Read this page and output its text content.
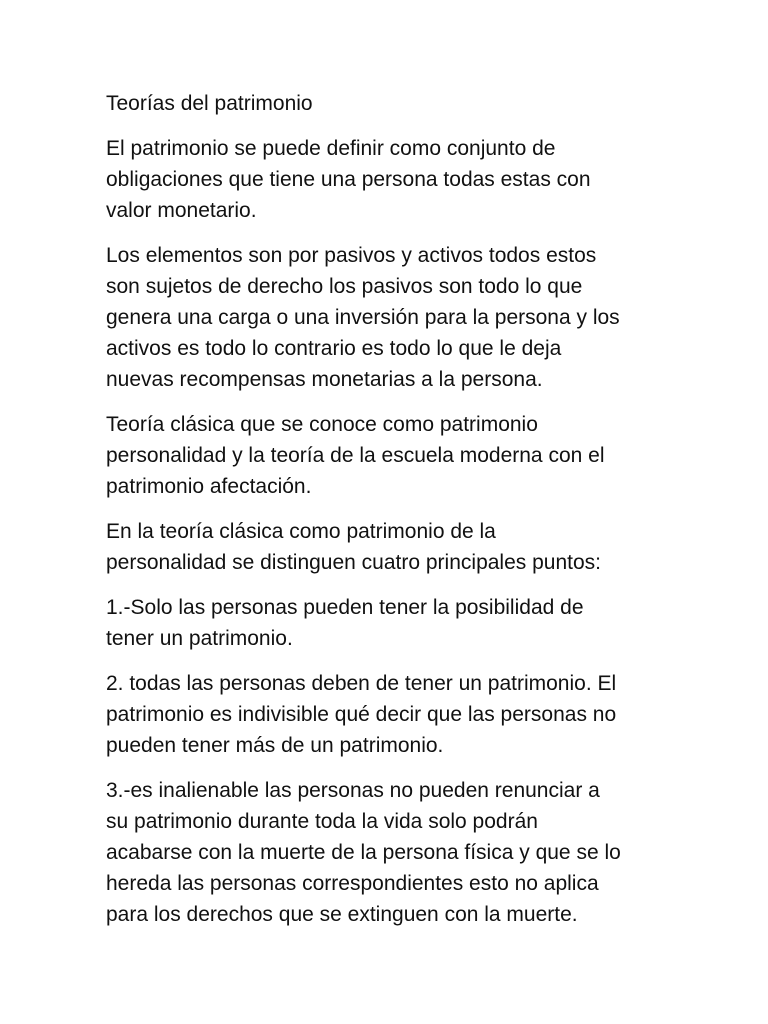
Teorías del patrimonio
El patrimonio se puede definir como conjunto de
obligaciones que tiene una persona todas estas con
valor monetario.
Los elementos son por pasivos y activos todos estos
son sujetos de derecho los pasivos son todo lo que
genera una carga o una inversión para la persona y los
activos es todo lo contrario es todo lo que le deja
nuevas recompensas monetarias a la persona.
Teoría clásica que se conoce como patrimonio
personalidad y la teoría de la escuela moderna con el
patrimonio afectación.
En la teoría clásica como patrimonio de la
personalidad se distinguen cuatro principales puntos:
1.-Solo las personas pueden tener la posibilidad de
tener un patrimonio.
2. todas las personas deben de tener un patrimonio. El
patrimonio es indivisible qué decir que las personas no
pueden tener más de un patrimonio.
3.-es inalienable las personas no pueden renunciar a
su patrimonio durante toda la vida solo podrán
acabarse con la muerte de la persona física y que se lo
hereda las personas correspondientes esto no aplica
para los derechos que se extinguen con la muerte.
